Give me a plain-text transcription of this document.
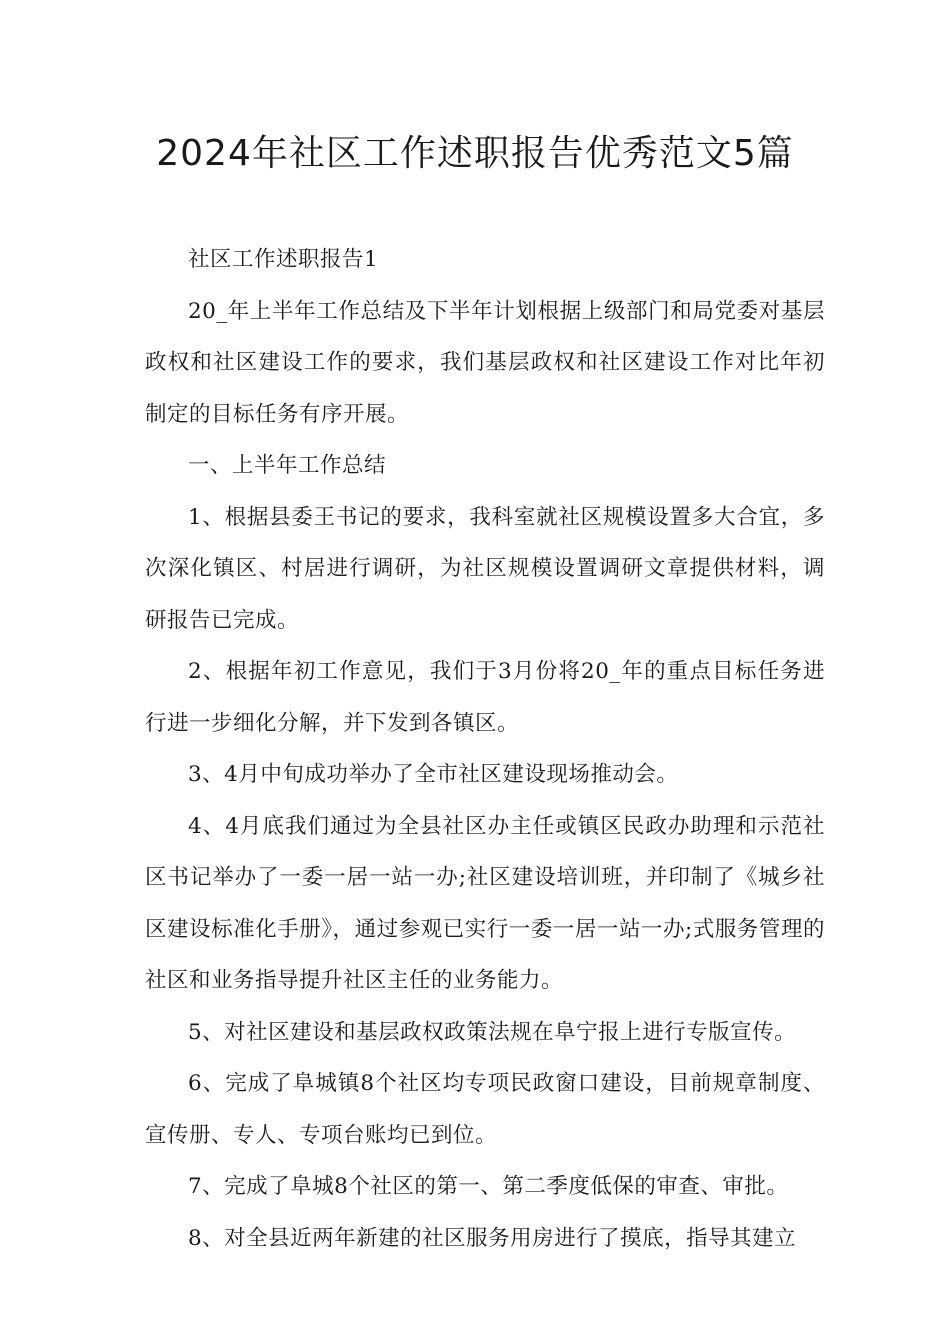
2024年社区工作述职报告优秀范文5篇

社区工作述职报告1

20_年上半年工作总结及下半年计划根据上级部门和局党委对基层政权和社区建设工作的要求，我们基层政权和社区建设工作对比年初制定的目标任务有序开展。

一、上半年工作总结

1、根据县委王书记的要求，我科室就社区规模设置多大合宜，多次深化镇区、村居进行调研，为社区规模设置调研文章提供材料，调研报告已完成。

2、根据年初工作意见，我们于3月份将20_年的重点目标任务进行进一步细化分解，并下发到各镇区。

3、4月中旬成功举办了全市社区建设现场推动会。

4、4月底我们通过为全县社区办主任或镇区民政办助理和示范社区书记举办了一委一居一站一办;社区建设培训班，并印制了《城乡社区建设标准化手册》，通过参观已实行一委一居一站一办;式服务管理的社区和业务指导提升社区主任的业务能力。

5、对社区建设和基层政权政策法规在阜宁报上进行专版宣传。

6、完成了阜城镇8个社区均专项民政窗口建设，目前规章制度、宣传册、专人、专项台账均已到位。

7、完成了阜城8个社区的第一、第二季度低保的审查、审批。

8、对全县近两年新建的社区服务用房进行了摸底，指导其建立
